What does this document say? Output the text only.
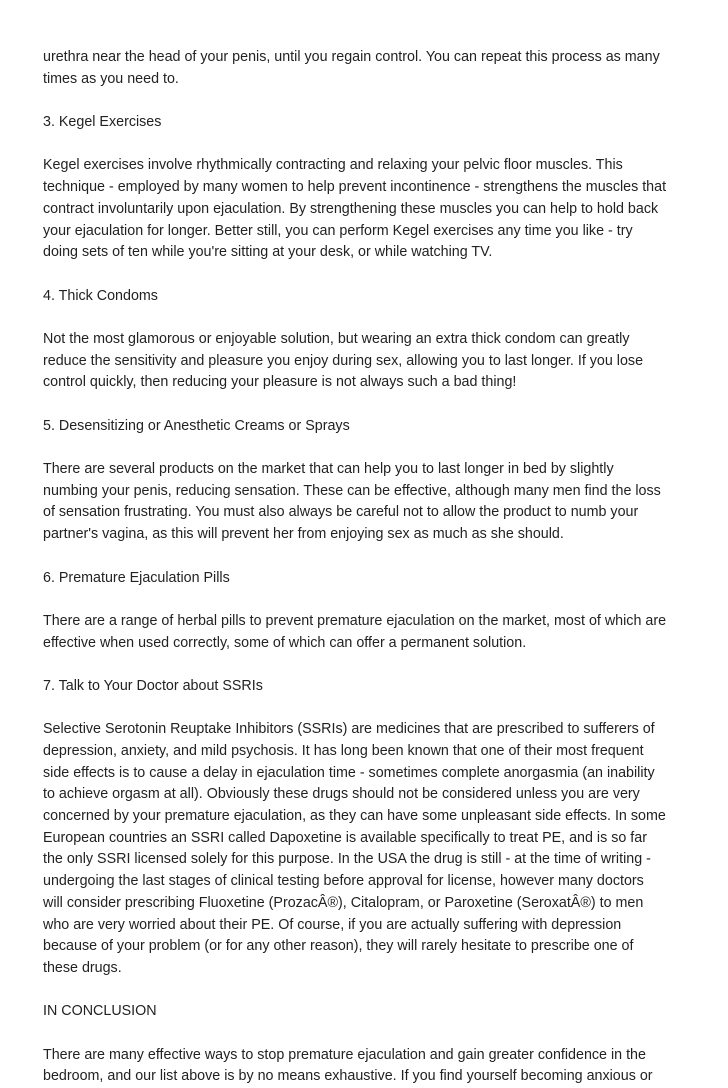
urethra near the head of your penis, until you regain control. You can repeat this process as many
times as you need to.

3. Kegel Exercises

Kegel exercises involve rhythmically contracting and relaxing your pelvic floor muscles. This
technique - employed by many women to help prevent incontinence - strengthens the muscles that
contract involuntarily upon ejaculation. By strengthening these muscles you can help to hold back
your ejaculation for longer. Better still, you can perform Kegel exercises any time you like - try
doing sets of ten while you're sitting at your desk, or while watching TV.

4. Thick Condoms

Not the most glamorous or enjoyable solution, but wearing an extra thick condom can greatly
reduce the sensitivity and pleasure you enjoy during sex, allowing you to last longer. If you lose
control quickly, then reducing your pleasure is not always such a bad thing!

5. Desensitizing or Anesthetic Creams or Sprays

There are several products on the market that can help you to last longer in bed by slightly
numbing your penis, reducing sensation. These can be effective, although many men find the loss
of sensation frustrating. You must also always be careful not to allow the product to numb your
partner's vagina, as this will prevent her from enjoying sex as much as she should.

6. Premature Ejaculation Pills

There are a range of herbal pills to prevent premature ejaculation on the market, most of which are
effective when used correctly, some of which can offer a permanent solution.

7. Talk to Your Doctor about SSRIs

Selective Serotonin Reuptake Inhibitors (SSRIs) are medicines that are prescribed to sufferers of
depression, anxiety, and mild psychosis. It has long been known that one of their most frequent
side effects is to cause a delay in ejaculation time - sometimes complete anorgasmia (an inability
to achieve orgasm at all). Obviously these drugs should not be considered unless you are very
concerned by your premature ejaculation, as they can have some unpleasant side effects. In some
European countries an SSRI called Dapoxetine is available specifically to treat PE, and is so far
the only SSRI licensed solely for this purpose. In the USA the drug is still - at the time of writing -
undergoing the last stages of clinical testing before approval for license, however many doctors
will consider prescribing Fluoxetine (ProzacÂ®), Citalopram, or Paroxetine (SeroxatÂ®) to men
who are very worried about their PE. Of course, if you are actually suffering with depression
because of your problem (or for any other reason), they will rarely hesitate to prescribe one of
these drugs.

IN CONCLUSION

There are many effective ways to stop premature ejaculation and gain greater confidence in the
bedroom, and our list above is by no means exhaustive. If you find yourself becoming anxious or
